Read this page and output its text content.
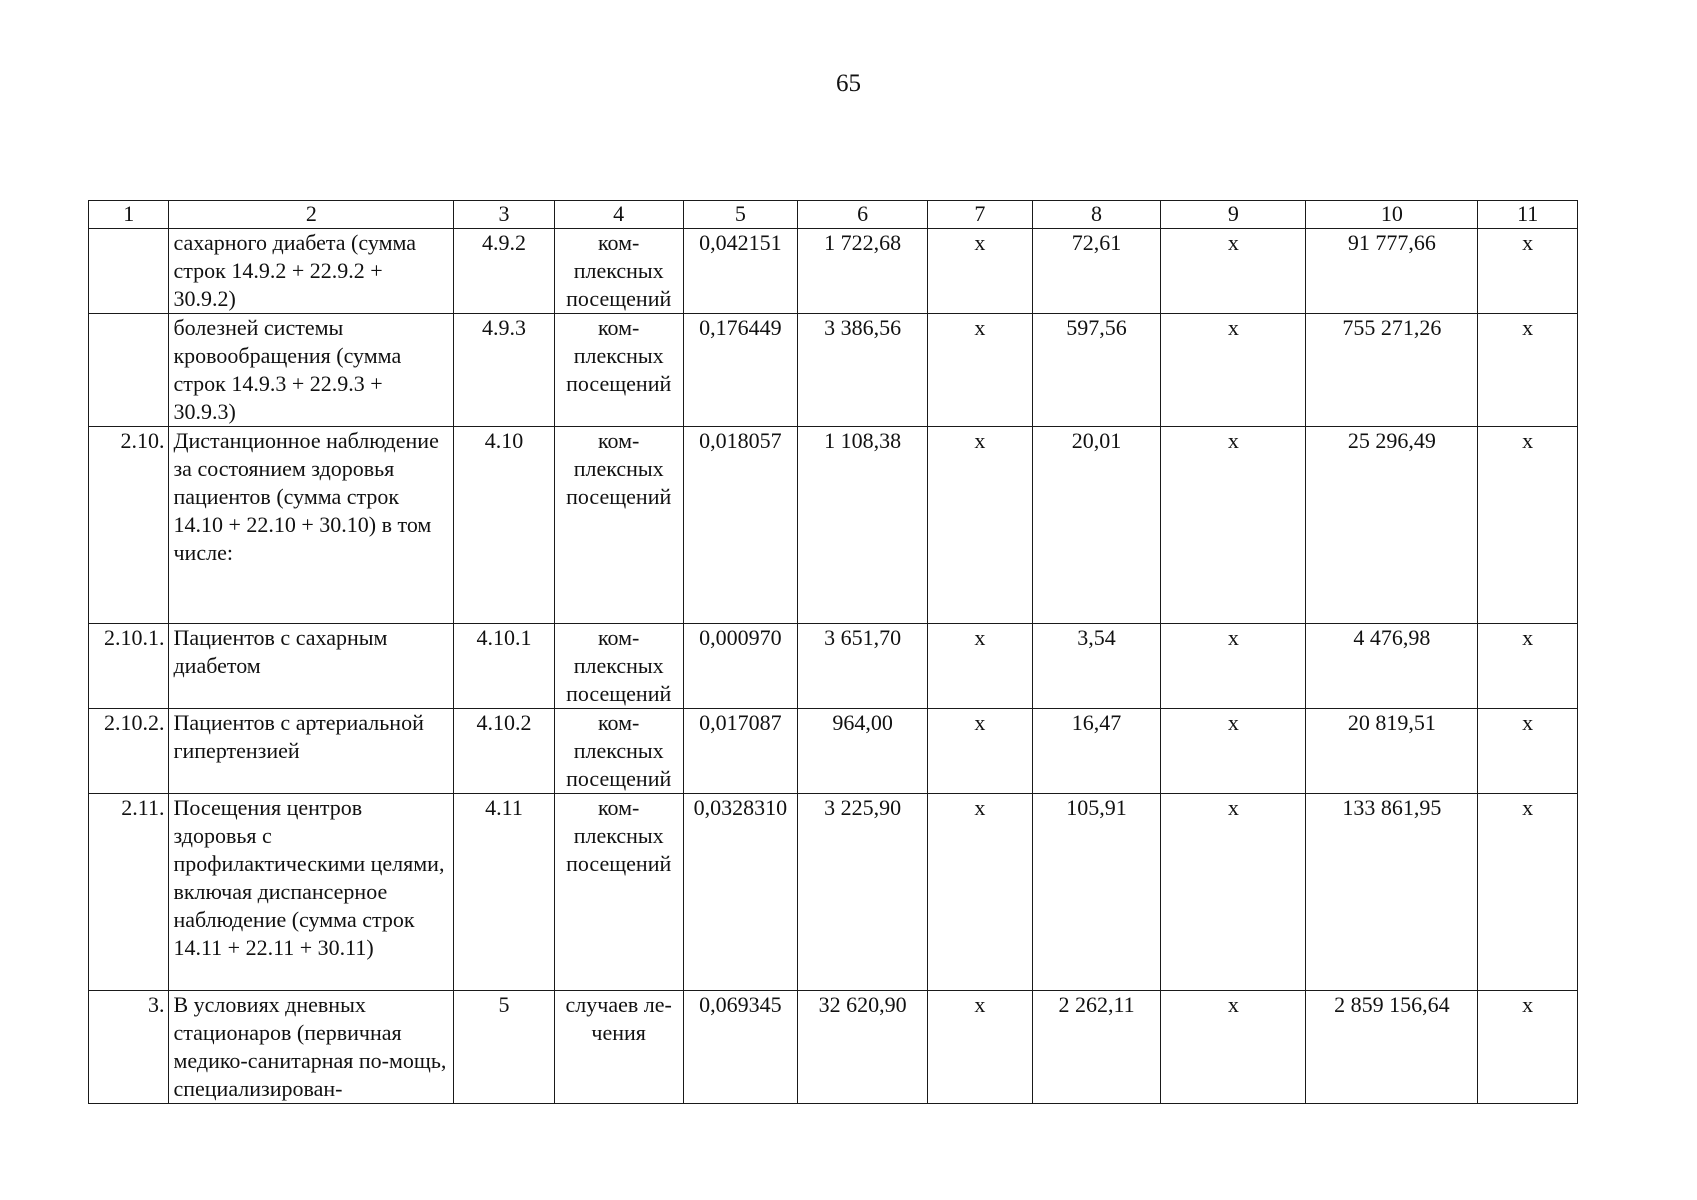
65
1	2	3	4	5	6	7	8	9	10	11
	сахарного диабета (сумма строк 14.9.2 + 22.9.2 + 30.9.2)	4.9.2	ком-плексных посещений	0,042151	1 722,68	х	72,61	х	91 777,66	х
	болезней системы кровообращения (сумма строк 14.9.3 + 22.9.3 + 30.9.3)	4.9.3	ком-плексных посещений	0,176449	3 386,56	х	597,56	х	755 271,26	х
2.10.	Дистанционное наблюдение за состоянием здоровья пациентов (сумма строк 14.10 + 22.10 + 30.10) в том числе:	4.10	ком-плексных посещений	0,018057	1 108,38	х	20,01	х	25 296,49	х
2.10.1.	Пациентов с сахарным диабетом	4.10.1	ком-плексных посещений	0,000970	3 651,70	х	3,54	х	4 476,98	х
2.10.2.	Пациентов с артериальной гипертензией	4.10.2	ком-плексных посещений	0,017087	964,00	х	16,47	х	20 819,51	х
2.11.	Посещения центров здоровья с профилактическими целями, включая диспансерное наблюдение (сумма строк 14.11 + 22.11 + 30.11)	4.11	ком-плексных посещений	0,0328310	3 225,90	х	105,91	х	133 861,95	х
3.	В условиях дневных стационаров (первичная медико-санитарная по-мощь, специализирован-	5	случаев ле-чения	0,069345	32 620,90	х	2 262,11	х	2 859 156,64	х
